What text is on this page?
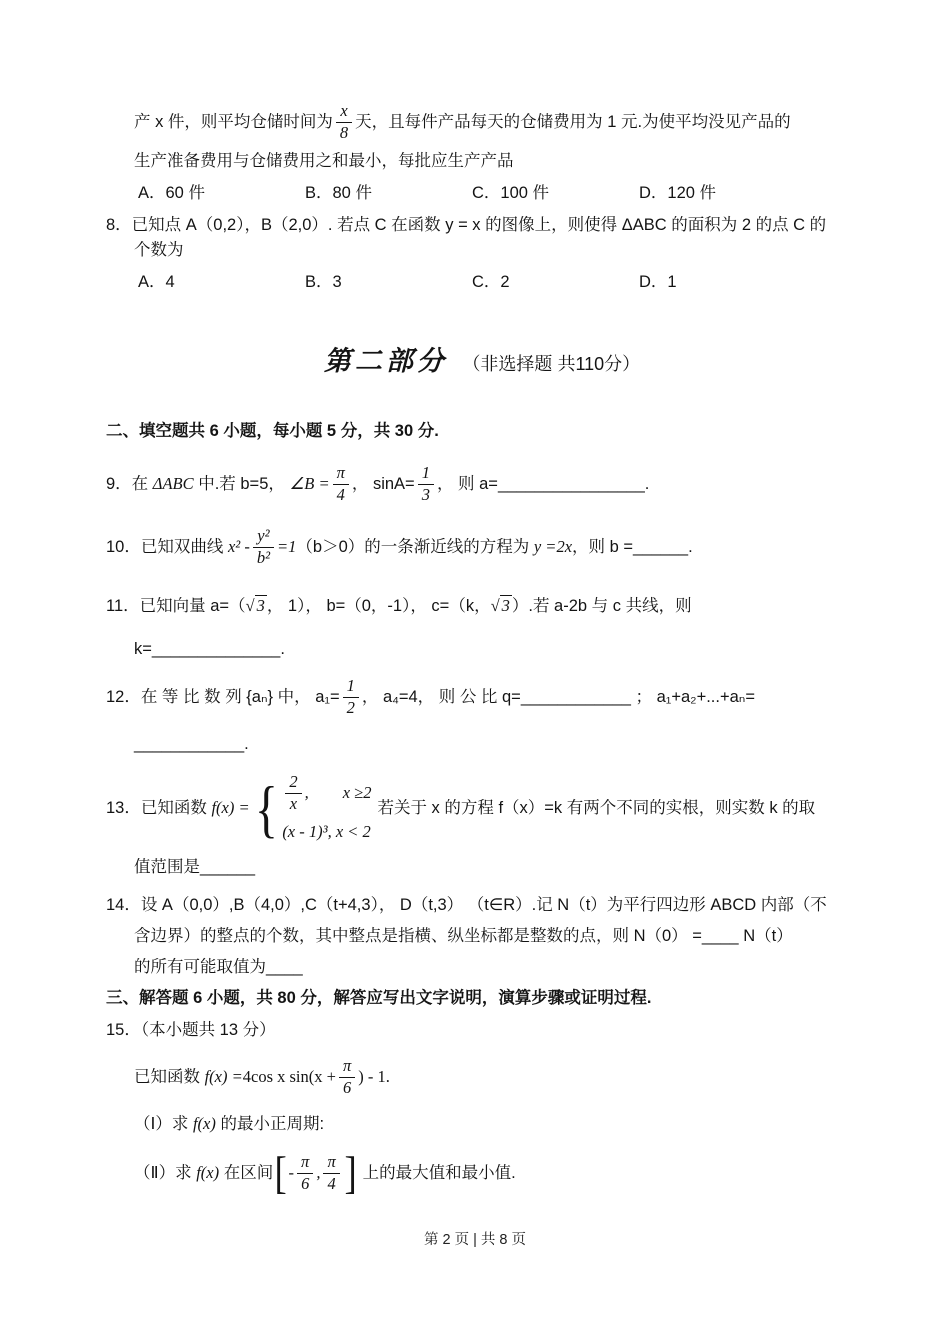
产 x 件，则平均仓储时间为 $\frac{x}{8}$ 天，且每件产品每天的仓储费用为 1 元.为使平均没见产品的
生产准备费用与仓储费用之和最小，每批应生产产品
A．60 件	B．80 件	C．100 件	D．120 件
8．已知点 A（0,2），B（2,0）. 若点 C 在函数 y = x 的图像上，则使得 ΔABC 的面积为 2 的点 C 的
个数为
A．4	B．3	C．2	D．1
第二部分 （非选择题 共110分）
二、填空题共 6 小题，每小题 5 分，共 30 分.
9．在 ΔABC 中.若 b=5， ∠B = $\frac{\pi}{4}$ ， $\sin A= \frac{1}{3}$ ， 则 a= ________________ .
10．已知双曲线 $x^2 - \frac{\text{y²}}{\text{b²}} =1$ （b＞0）的一条渐近线的方程为 y =2x ，则 b = ______ .
11．已知向量 a=（ √ 3 ， 1）， b=（0，-1）， c=（k， √ 3 ）.若 a-2b 与 c 共线，则
k=______________.
12．在 等 比 数 列 {aₙ} 中， $a_1= \frac{1}{2}$ ， a₄=4， 则 公 比 q= ____________ ； a₁+a₂+...+aₙ=
____________.
13．已知函数 f(x) = { $\frac{2}{x}$ , x ≥2
(x - 1)³, x < 2
若关于 x 的方程 f（x）=k 有两个不同的实根，则实数 k 的取
值范围是______
14．设 A（0,0）,B（4,0）,C（t+4,3）， D（t,3） （t∈R）.记 N（t）为平行四边形 ABCD 内部（不
含边界）的整点的个数，其中整点是指横、纵坐标都是整数的点，则 N（0） =____ N（t）
的所有可能取值为____
三、解答题 6 小题，共 80 分，解答应写出文字说明，演算步骤或证明过程.
15．（本小题共 13 分）
已知函数 f(x) = 4cos x $\sin(x + \frac{\pi}{6}$ ) - 1.
（Ⅰ）求 f(x) 的最小正周期:
（Ⅱ）求 f(x) 在区间 [ - $\frac{\pi}{6}$ , $\frac{\pi}{4}$ ] 上的最大值和最小值.
第 2 页 | 共 8 页
